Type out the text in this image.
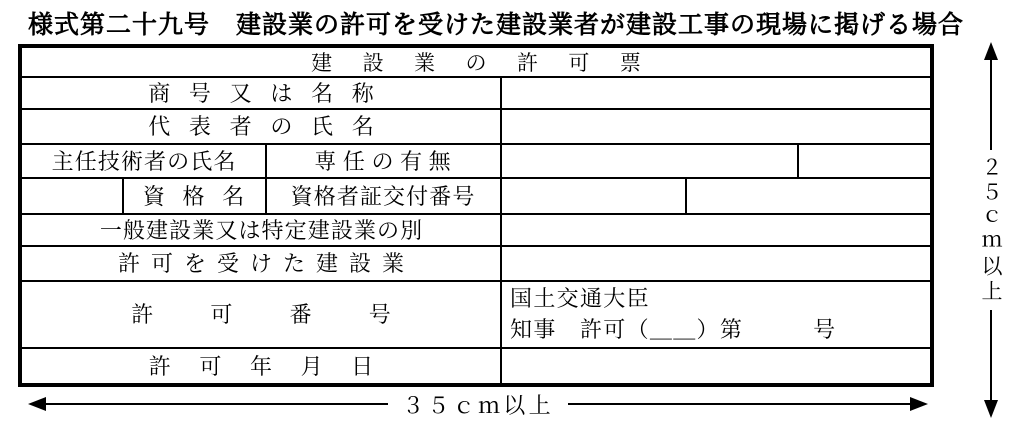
様式第二十九号　建設業の許可を受けた建設業者が建設工事の現場に掲げる場合
建設業の許可票
商号又は名称
代表者の氏名
主任技術者の氏名	専任の有無
資格名	資格者証交付番号
一般建設業又は特定建設業の別
許可を受けた建設業
許可番号
国土交通大臣
知事　許可（＿＿）第　　　号
許可年月日
３５ｃｍ以上
２５ｃｍ以上
